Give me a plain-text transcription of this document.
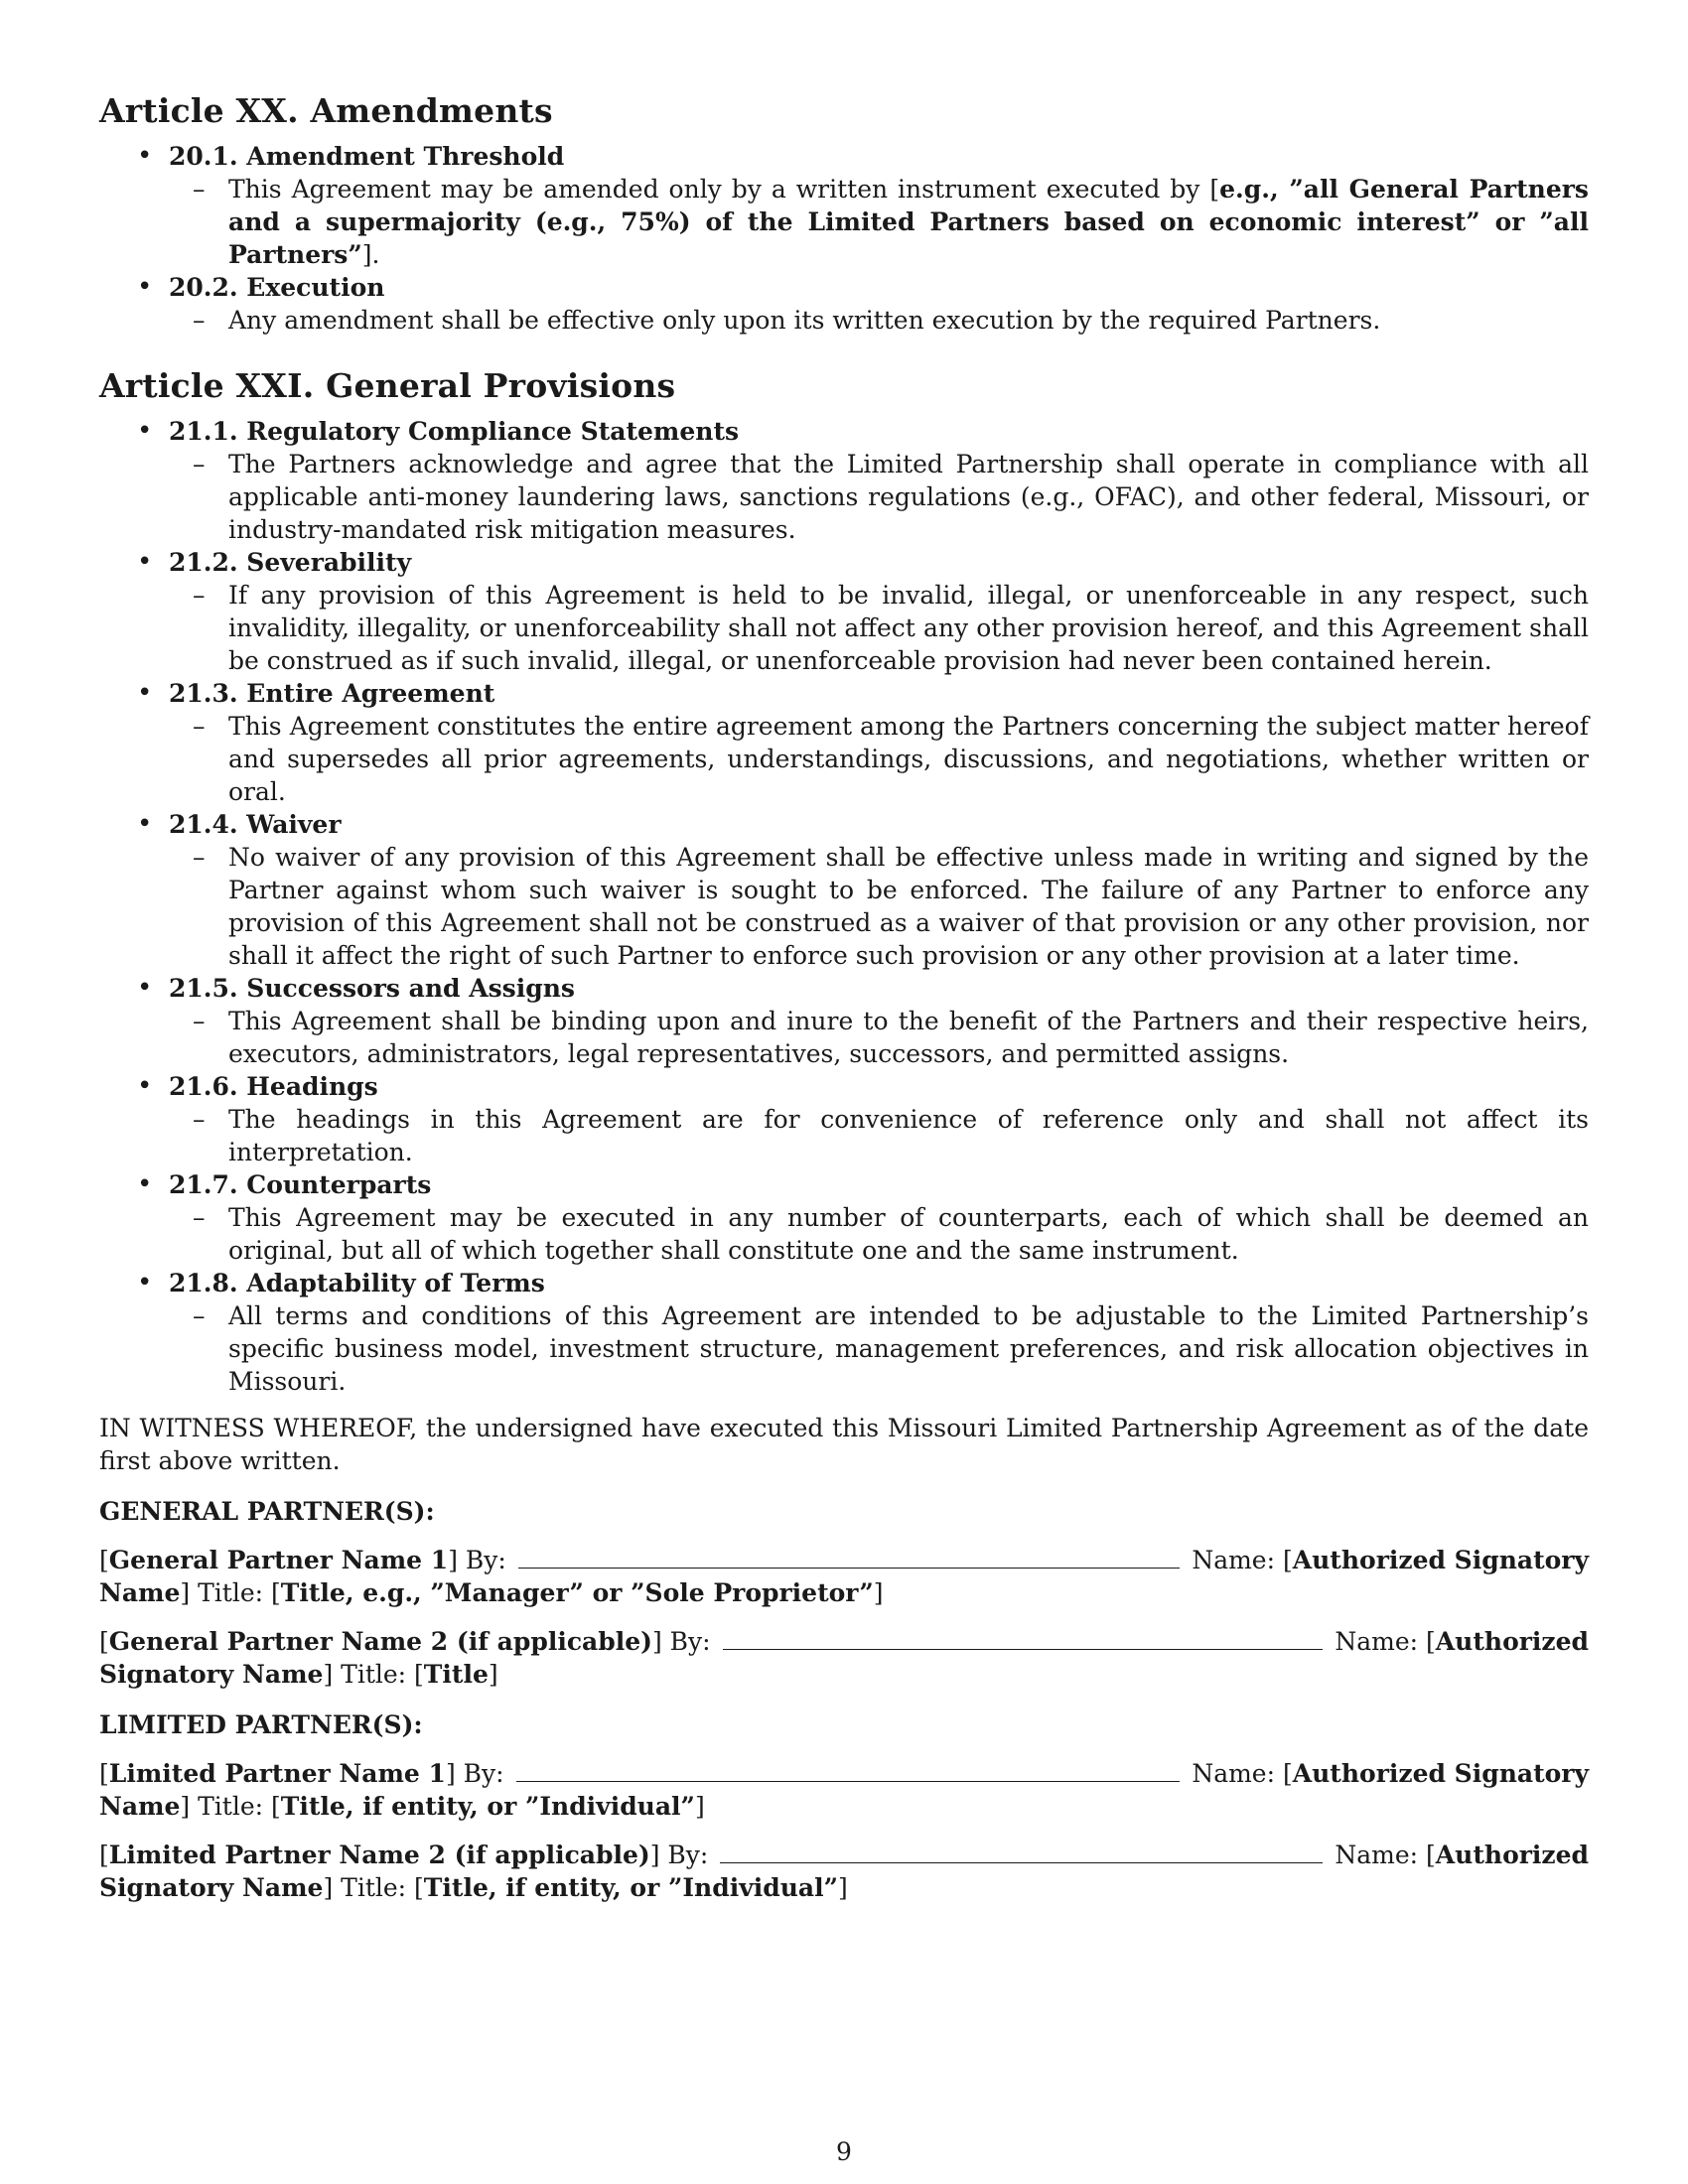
Article XX. Amendments
• 20.1. Amendment Threshold
– This Agreement may be amended only by a written instrument executed by [e.g., ”all General Partners and a supermajority (e.g., 75%) of the Limited Partners based on economic interest” or ”all Partners”].
• 20.2. Execution
– Any amendment shall be effective only upon its written execution by the required Partners.
Article XXI. General Provisions
• 21.1. Regulatory Compliance Statements
– The Partners acknowledge and agree that the Limited Partnership shall operate in compliance with all applicable anti-money laundering laws, sanctions regulations (e.g., OFAC), and other federal, Missouri, or industry-mandated risk mitigation measures.
• 21.2. Severability
– If any provision of this Agreement is held to be invalid, illegal, or unenforceable in any respect, such invalidity, illegality, or unenforceability shall not affect any other provision hereof, and this Agreement shall be construed as if such invalid, illegal, or unenforceable provision had never been contained herein.
• 21.3. Entire Agreement
– This Agreement constitutes the entire agreement among the Partners concerning the subject matter hereof and supersedes all prior agreements, understandings, discussions, and negotiations, whether written or oral.
• 21.4. Waiver
– No waiver of any provision of this Agreement shall be effective unless made in writing and signed by the Partner against whom such waiver is sought to be enforced. The failure of any Partner to enforce any provision of this Agreement shall not be construed as a waiver of that provision or any other provision, nor shall it affect the right of such Partner to enforce such provision or any other provision at a later time.
• 21.5. Successors and Assigns
– This Agreement shall be binding upon and inure to the benefit of the Partners and their respective heirs, executors, administrators, legal representatives, successors, and permitted assigns.
• 21.6. Headings
– The headings in this Agreement are for convenience of reference only and shall not affect its interpretation.
• 21.7. Counterparts
– This Agreement may be executed in any number of counterparts, each of which shall be deemed an original, but all of which together shall constitute one and the same instrument.
• 21.8. Adaptability of Terms
– All terms and conditions of this Agreement are intended to be adjustable to the Limited Partnership’s specific business model, investment structure, management preferences, and risk allocation objectives in Missouri.

IN WITNESS WHEREOF, the undersigned have executed this Missouri Limited Partnership Agreement as of the date first above written.

GENERAL PARTNER(S):
[General Partner Name 1] By:	Name: [Authorized Signatory
Name] Title: [Title, e.g., ”Manager” or ”Sole Proprietor”]
[General Partner Name 2 (if applicable)] By:	Name: [Authorized
Signatory Name] Title: [Title]
LIMITED PARTNER(S):
[Limited Partner Name 1] By:	Name: [Authorized Signatory
Name] Title: [Title, if entity, or ”Individual”]
[Limited Partner Name 2 (if applicable)] By:	Name: [Authorized
Signatory Name] Title: [Title, if entity, or ”Individual”]
9
